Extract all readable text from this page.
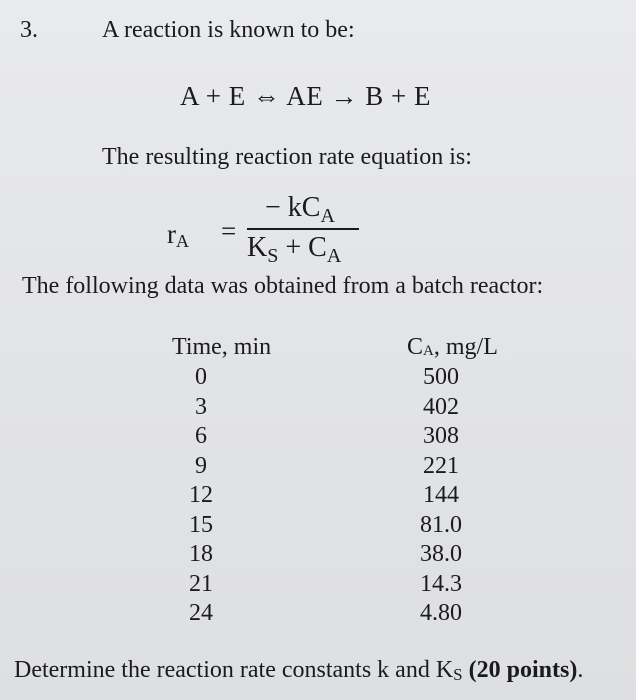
3.	A reaction is known to be:
A + E ⇔ AE → B + E
The resulting reaction rate equation is:
$r_A$ =
− $kC_A$
$K_S + C_A$
The following data was obtained from a batch reactor:
Time, min	$C_A$, mg/L
0
3
6
9
12
15
18
21
24
500
402
308
221
144
81.0
38.0
14.3
4.80
Determine the reaction rate constants k and $K_S$ (20 points).
